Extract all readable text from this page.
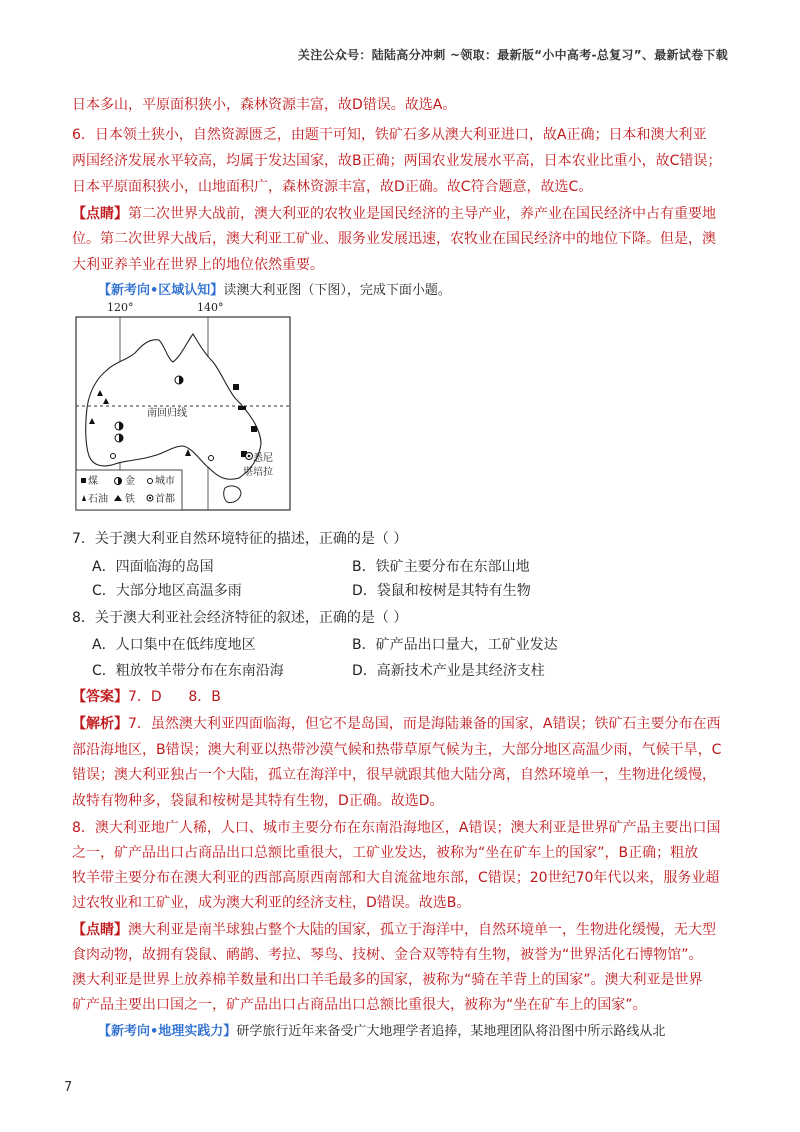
关注公众号：陆陆高分冲刺 ~领取：最新版“小中高考-总复习”、最新试卷下载
日本多山，平原面积狭小，森林资源丰富，故D错误。故选A。
6．日本领土狭小，自然资源匮乏，由题干可知，铁矿石多从澳大利亚进口，故A正确；日本和澳大利亚
两国经济发展水平较高，均属于发达国家，故B正确；两国农业发展水平高，日本农业比重小，故C错误；
日本平原面积狭小，山地面积广，森林资源丰富，故D正确。故C符合题意，故选C。
【点睛】第二次世界大战前，澳大利亚的农牧业是国民经济的主导产业，养产业在国民经济中占有重要地
位。第二次世界大战后，澳大利亚工矿业、服务业发展迅速，农牧业在国民经济中的地位下降。但是，澳
大利亚养羊业在世界上的地位依然重要。
【新考向•区域认知】读澳大利亚图（下图），完成下面小题。
120°	140°
南回归线
悉尼
堪培拉
煤	金 城市
石油 铁 首都
7．关于澳大利亚自然环境特征的描述，正确的是（ ）
A．四面临海的岛国	B．铁矿主要分布在东部山地
C．大部分地区高温多雨	D．袋鼠和桉树是其特有生物
8．关于澳大利亚社会经济特征的叙述，正确的是（ ）
A．人口集中在低纬度地区	B．矿产品出口量大，工矿业发达
C．粗放牧羊带分布在东南沿海	D．高新技术产业是其经济支柱
【答案】7．D      8．B
【解析】7．虽然澳大利亚四面临海，但它不是岛国，而是海陆兼备的国家，A错误；铁矿石主要分布在西
部沿海地区，B错误；澳大利亚以热带沙漠气候和热带草原气候为主，大部分地区高温少雨，气候干旱，C
错误；澳大利亚独占一个大陆，孤立在海洋中，很早就跟其他大陆分离，自然环境单一，生物进化缓慢，
故特有物种多，袋鼠和桉树是其特有生物，D正确。故选D。
8．澳大利亚地广人稀，人口、城市主要分布在东南沿海地区，A错误；澳大利亚是世界矿产品主要出口国
之一，矿产品出口占商品出口总额比重很大，工矿业发达，被称为“坐在矿车上的国家”，B正确；粗放
牧羊带主要分布在澳大利亚的西部高原西南部和大自流盆地东部，C错误；20世纪70年代以来，服务业超
过农牧业和工矿业，成为澳大利亚的经济支柱，D错误。故选B。
【点睛】澳大利亚是南半球独占整个大陆的国家，孤立于海洋中，自然环境单一，生物进化缓慢，无大型
食肉动物，故拥有袋鼠、鸸鹋、考拉、琴鸟、技树、金合双等特有生物，被誉为“世界活化石博物馆”。
澳大利亚是世界上放养棉羊数量和出口羊毛最多的国家，被称为“骑在羊背上的国家”。澳大利亚是世界
矿产品主要出口国之一，矿产品出口占商品出口总额比重很大，被称为“坐在矿车上的国家”。
【新考向•地理实践力】研学旅行近年来备受广大地理学者追捧，某地理团队将沿图中所示路线从北
7
